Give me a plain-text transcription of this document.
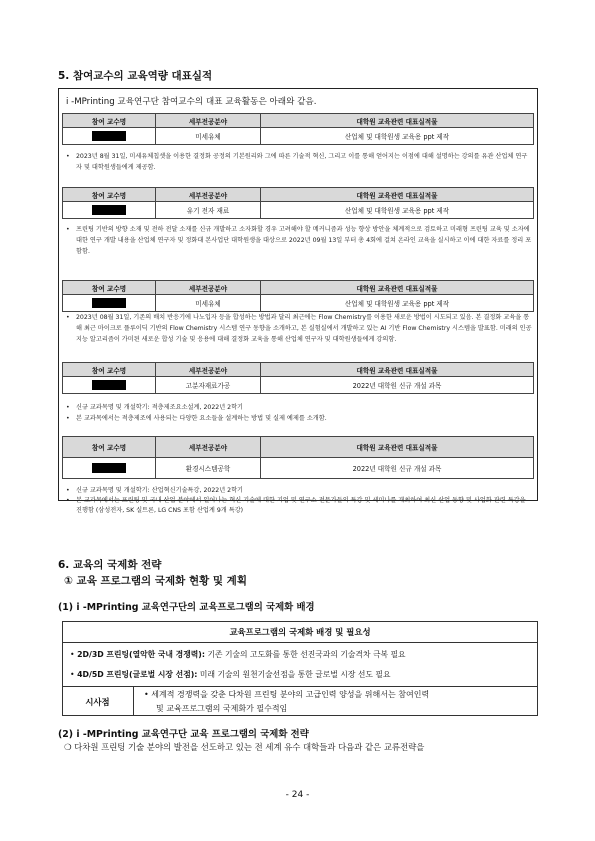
5. 참여교수의 교육역량 대표실적
i -MPrinting 교육연구단 참여교수의 대표 교육활동은 아래와 같음.
참여 교수명	세부전공분야	대학원 교육관련 대표실적물
	미세유체	산업체 및 대학원생 교육용 ppt 제작
• 2023년 8월 31일, 미세유체칩셋을 이용한 결정화 공정의 기본원리와 그에 따른 기술적 혁신, 그리고 이를 통해 얻어지는 이점에 대해 설명하는 강의를 유관 산업체 연구자 및 대학원생들에게 제공함.
참여 교수명	세부전공분야	대학원 교육관련 대표실적물
	유기 전자 재료	산업체 및 대학원생 교육용 ppt 제작
• 프린팅 기반의 방향 소재 및 전하 전달 소재를 신규 개발하고 소자화할 경우 고려해야 할 메커니즘과 성능 향상 방안을 체계적으로 검토하고 미래형 프린팅 교육 및 소자에 대한 연구 개발 내용을 산업체 연구자 및 정화대 본사업단 대학원생을 대상으로 2022년 09월 13일 부터 총 4회에 걸쳐 온라인 교육을 실시하고 이에 대한 자료를 정리 포함함.
참여 교수명	세부전공분야	대학원 교육관련 대표실적물
	미세유체	산업체 및 대학원생 교육용 ppt 제작
• 2023년 08월 31일, 기존의 배치 반응기에 나노입자 등을 합성하는 방법과 달리 최근에는 Flow Chemistry를 이용한 새로운 방법이 시도되고 있음. 본 결정화 교육을 통해 최근 마이크로 플루이딕 기반의 Flow Chemistry 시스템 연구 동향을 소개하고, 본 실험실에서 개발하고 있는 AI 기반 Flow Chemistry 시스템을 발표함. 미래의 인공지능 알고리즘이 가미된 새로운 합성 기술 및 응용에 대해 결정화 교육을 통해 산업체 연구자 및 대학원생들에게 강의함.
참여 교수명	세부전공분야	대학원 교육관련 대표실적물
	고분자재료가공	2022년 대학원 신규 개설 과목
• 신규 교과목명 및 개설학기: 적층제조요소설계, 2022년 2학기
• 본 교과목에서는 적층제조에 사용되는 다양한 요소들을 설계하는 방법 및 실제 예제를 소개함.
참여 교수명	세부전공분야	대학원 교육관련 대표실적물
	환경시스템공학	2022년 대학원 신규 개설 과목
• 신규 교과목명 및 개설학기: 산업혁신기술특강, 2022년 2학기
• 본 교과목에서는 프린팅 및 국내 산업 분야에서 일어나는 혁신 기술에 대한 기업 및 연구소 전문가들의 특강 및 세미나를 개최하여 최신 산업 동향 및 사업화 관련 특강을 진행함 (삼성전자, SK 실트론, LG CNS 포함 산업계 9개 특강)
6. 교육의 국제화 전략
① 교육 프로그램의 국제화 현황 및 계획
(1) i -MPrinting 교육연구단의 교육프로그램의 국제화 배경
교육프로그램의 국제화 배경 및 필요성
• 2D/3D 프린팅(열악한 국내 경쟁력): 기존 기술의 고도화를 통한 선진국과의 기술격차 극복 필요
• 4D/5D 프린팅(글로벌 시장 선점): 미래 기술의 원천기술선점을 통한 글로벌 시장 선도 필요
시사점
• 세계적 경쟁력을 갖춘 다차원 프린팅 분야의 고급인력 양성을 위해서는 참여인력
및 교육프로그램의 국제화가 필수적임
(2) i -MPrinting 교육연구단 교육 프로그램의 국제화 전략
❍ 다차원 프린팅 기술 분야의 발전을 선도하고 있는 전 세계 유수 대학들과 다음과 같은 교류전략을
- 24 -
